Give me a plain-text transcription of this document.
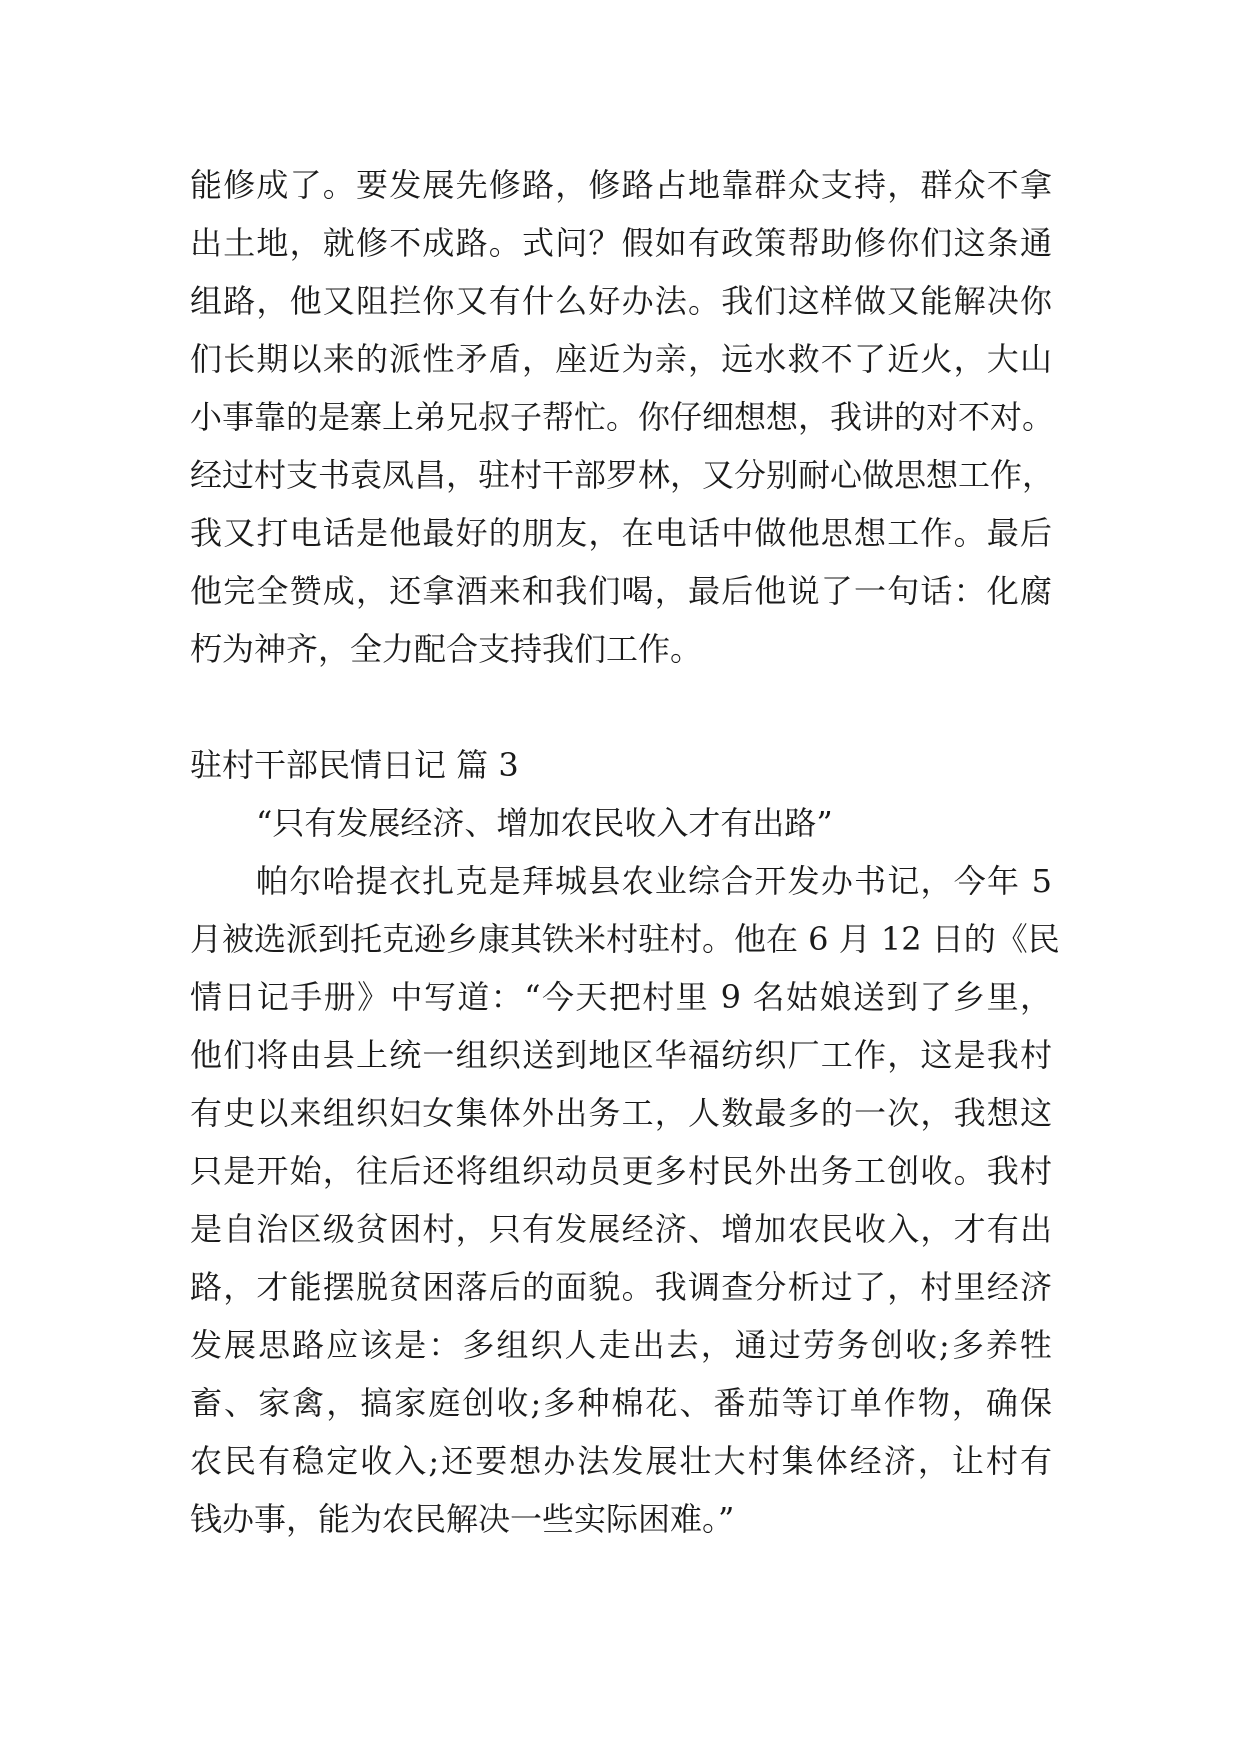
能修成了。要发展先修路，修路占地靠群众支持，群众不拿
出土地，就修不成路。式问？假如有政策帮助修你们这条通
组路，他又阻拦你又有什么好办法。我们这样做又能解决你
们长期以来的派性矛盾，座近为亲，远水救不了近火，大山
小事靠的是寨上弟兄叔子帮忙。你仔细想想，我讲的对不对。
经过村支书袁凤昌，驻村干部罗林，又分别耐心做思想工作，
我又打电话是他最好的朋友，在电话中做他思想工作。最后
他完全赞成，还拿酒来和我们喝，最后他说了一句话：化腐
朽为神齐，全力配合支持我们工作。
驻村干部民情日记 篇 3
“只有发展经济、增加农民收入才有出路”
帕尔哈提衣扎克是拜城县农业综合开发办书记，今年 5
月被选派到托克逊乡康其铁米村驻村。他在 6 月 12 日的《民
情日记手册》中写道：“今天把村里 9 名姑娘送到了乡里，
他们将由县上统一组织送到地区华福纺织厂工作，这是我村
有史以来组织妇女集体外出务工，人数最多的一次，我想这
只是开始，往后还将组织动员更多村民外出务工创收。我村
是自治区级贫困村，只有发展经济、增加农民收入，才有出
路，才能摆脱贫困落后的面貌。我调查分析过了，村里经济
发展思路应该是：多组织人走出去，通过劳务创收;多养牲
畜、家禽，搞家庭创收;多种棉花、番茄等订单作物，确保
农民有稳定收入;还要想办法发展壮大村集体经济，让村有
钱办事，能为农民解决一些实际困难。”
